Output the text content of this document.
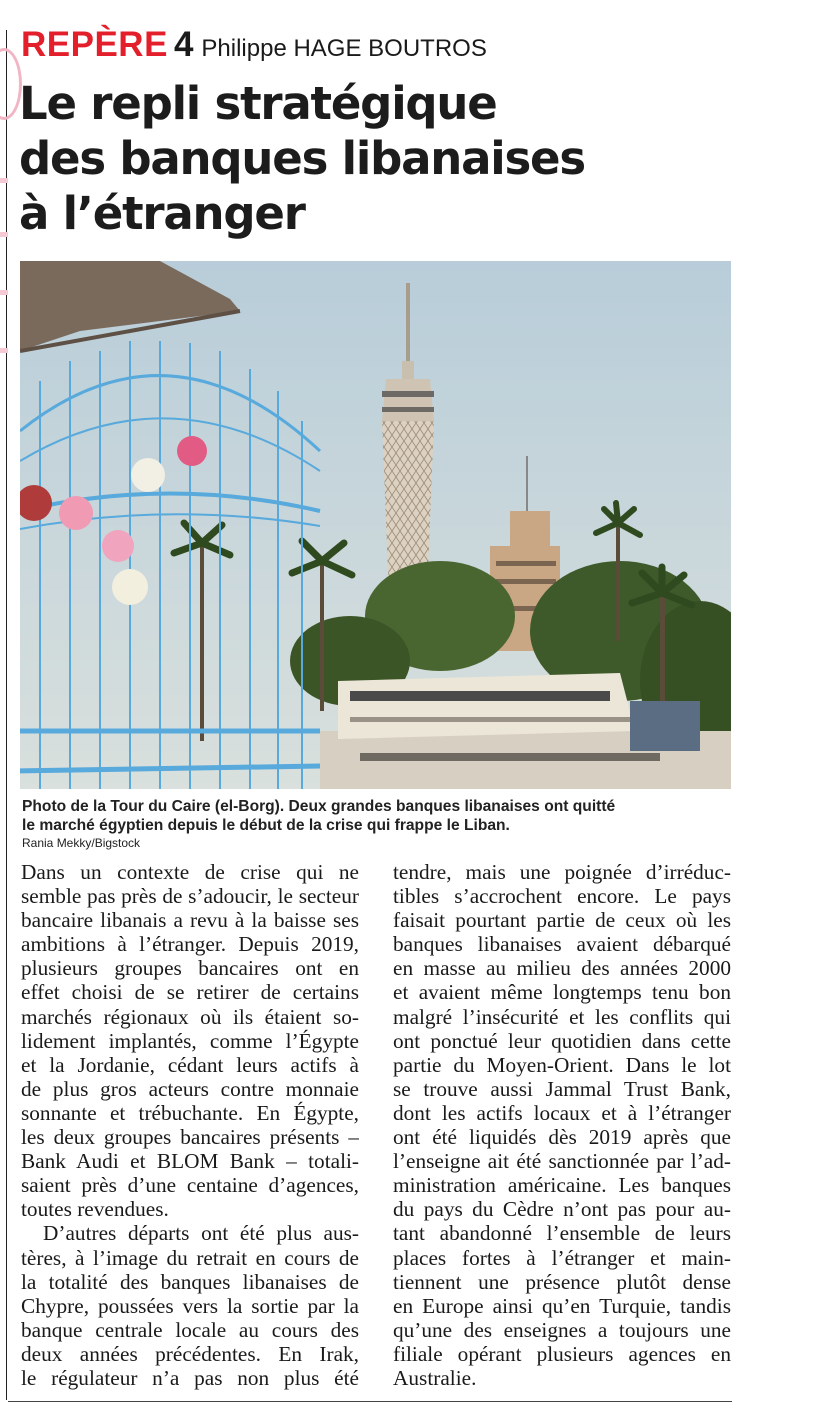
REPÈRE 4 Philippe HAGE BOUTROS
Le repli stratégique
des banques libanaises
à l’étranger
Photo de la Tour du Caire (el-Borg). Deux grandes banques libanaises ont quitté
le marché égyptien depuis le début de la crise qui frappe le Liban.
Rania Mekky/Bigstock
Dans un contexte de crise qui ne
semble pas près de s’adoucir, le secteur
bancaire libanais a revu à la baisse ses
ambitions à l’étranger. Depuis 2019,
plusieurs groupes bancaires ont en
effet choisi de se retirer de certains
marchés régionaux où ils étaient so-
lidement implantés, comme l’Égypte
et la Jordanie, cédant leurs actifs à
de plus gros acteurs contre monnaie
sonnante et trébuchante. En Égypte,
les deux groupes bancaires présents –
Bank Audi et BLOM Bank – totali-
saient près d’une centaine d’agences,
toutes revendues.
D’autres départs ont été plus aus-
tères, à l’image du retrait en cours de
la totalité des banques libanaises de
Chypre, poussées vers la sortie par la
banque centrale locale au cours des
deux années précédentes. En Irak,
le régulateur n’a pas non plus été
tendre, mais une poignée d’irréduc-
tibles s’accrochent encore. Le pays
faisait pourtant partie de ceux où les
banques libanaises avaient débarqué
en masse au milieu des années 2000
et avaient même longtemps tenu bon
malgré l’insécurité et les conflits qui
ont ponctué leur quotidien dans cette
partie du Moyen-Orient. Dans le lot
se trouve aussi Jammal Trust Bank,
dont les actifs locaux et à l’étranger
ont été liquidés dès 2019 après que
l’enseigne ait été sanctionnée par l’ad-
ministration américaine. Les banques
du pays du Cèdre n’ont pas pour au-
tant abandonné l’ensemble de leurs
places fortes à l’étranger et main-
tiennent une présence plutôt dense
en Europe ainsi qu’en Turquie, tandis
qu’une des enseignes a toujours une
filiale opérant plusieurs agences en
Australie.
